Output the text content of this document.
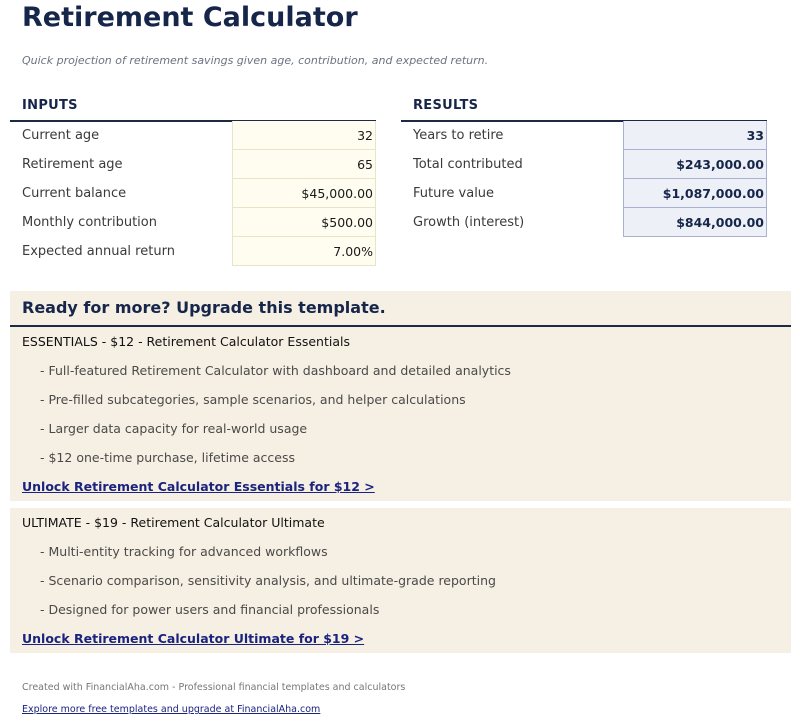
Retirement Calculator
Quick projection of retirement savings given age, contribution, and expected return.
INPUTS
Current age	32
Retirement age	65
Current balance	$45,000.00
Monthly contribution	$500.00
Expected annual return	7.00%
RESULTS
Years to retire	33
Total contributed	$243,000.00
Future value	$1,087,000.00
Growth (interest)	$844,000.00
Ready for more? Upgrade this template.
ESSENTIALS - $12 - Retirement Calculator Essentials
- Full-featured Retirement Calculator with dashboard and detailed analytics
- Pre-filled subcategories, sample scenarios, and helper calculations
- Larger data capacity for real-world usage
- $12 one-time purchase, lifetime access
Unlock Retirement Calculator Essentials for $12 >
ULTIMATE - $19 - Retirement Calculator Ultimate
- Multi-entity tracking for advanced workflows
- Scenario comparison, sensitivity analysis, and ultimate-grade reporting
- Designed for power users and financial professionals
Unlock Retirement Calculator Ultimate for $19 >
Created with FinancialAha.com - Professional financial templates and calculators
Explore more free templates and upgrade at FinancialAha.com
